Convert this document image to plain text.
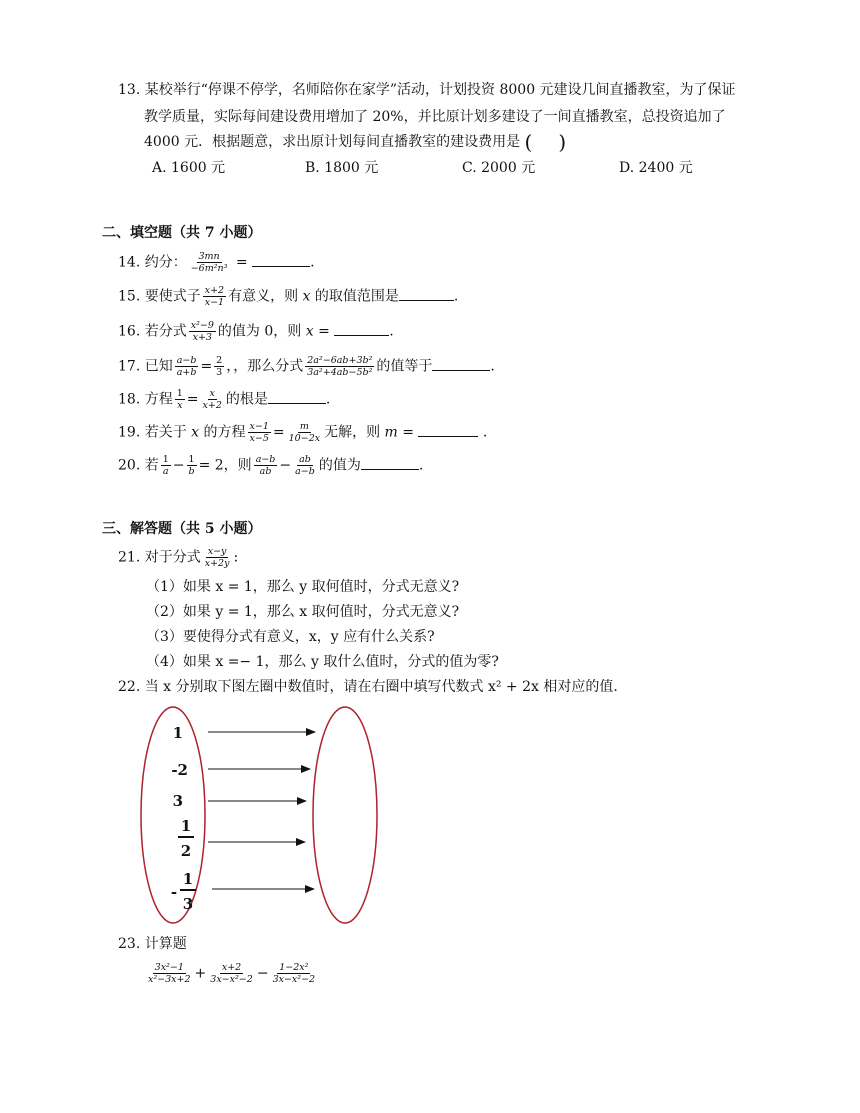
13. 某校举行“停课不停学，名师陪你在家学”活动，计划投资 8000 元建设几间直播教室，为了保证
教学质量，实际每间建设费用增加了 20%，并比原计划多建设了一间直播教室，总投资追加了
4000 元．根据题意，求出原计划每间直播教室的建设费用是 ( )
A. 1600 元	B. 1800 元	C. 2000 元	D. 2400 元
二、填空题（共 7 小题）
14. 约分： $\frac{3mn}{\text{−6m²n³}}$ =	.
15. 要使式子 $\frac{x+2}{x-1}$ 有意义，则 x 的取值范围是	.
16. 若分式 $\frac{\text{x²−9}}{x+3}$ 的值为 0，则 x =	.
17. 已知 $\frac{a-b}{a+b} = \frac{2}{3}$ ，，那么分式 $\frac{\text{2a²−6ab+3b²}}{\text{3a²+4ab−5b²}}$ 的值等于	.
18. 方程 $\frac{1}{x} = \frac{x}{x+2}$ 的根是	.
19. 若关于 x 的方程 $\frac{x-1}{x-5} = \frac{m}{10-2x}$ 无解，则 m =	.
20. 若 $\frac{1}{a} - \frac{1}{b} = 2$，则 $\frac{a-b}{ab} - \frac{ab}{a-b}$ 的值为	.
三、解答题（共 5 小题）
21. 对于分式 $\frac{x-y}{x+2y}$ :
（1）如果 x = 1，那么 y 取何值时，分式无意义?
（2）如果 y = 1，那么 x 取何值时，分式无意义?
（3）要使得分式有意义，x，y 应有什么关系?
（4）如果 x =− 1，那么 y 取什么值时，分式的值为零?
22. 当 x 分别取下图左圈中数值时，请在右圈中填写代数式 x² + 2x 相对应的值.
1
-2
3
1
2
1
3
-
23. 计算题
$\frac{\text{3x²−1}}{\text{x²−3x+2}} + \frac{x+2}{\text{3x−x²−2}} - \frac{\text{1−2x²}}{\text{3x−x²−2}}$
